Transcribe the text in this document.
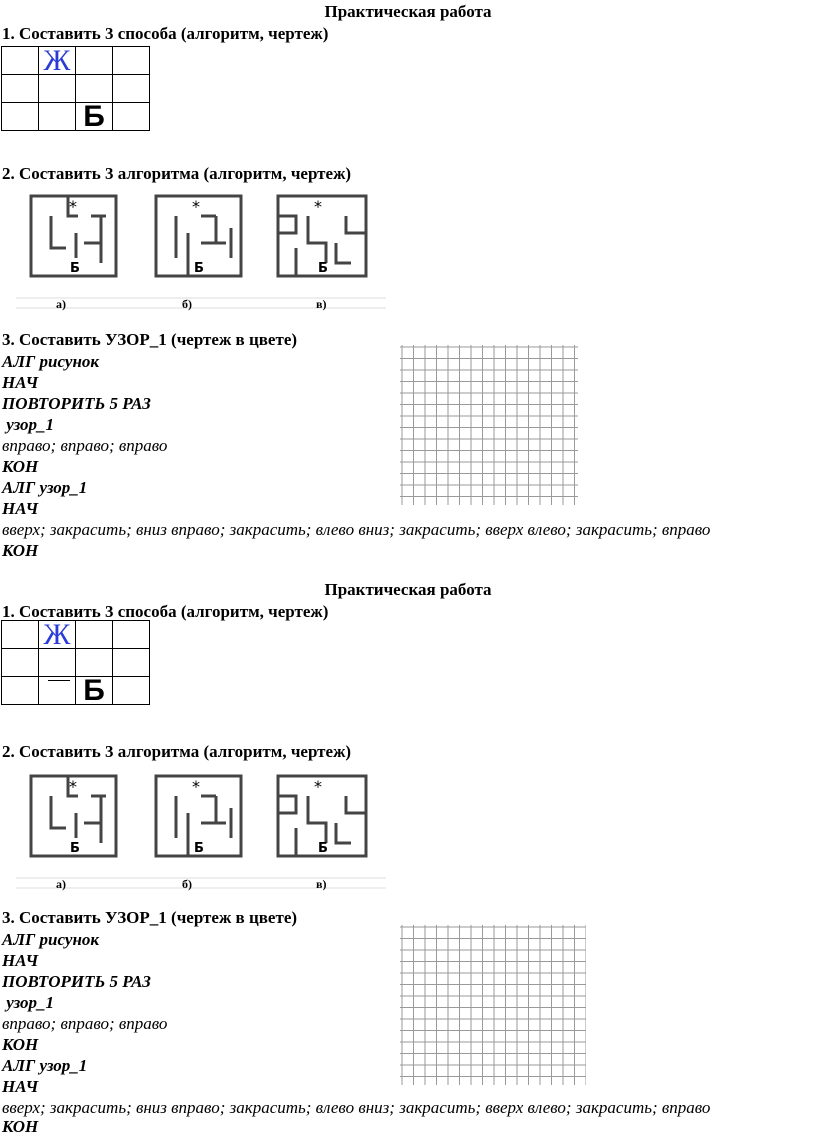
Практическая работа
1. Составить 3 способа (алгоритм, чертеж)
	Ж		

		Б	
2. Составить 3 алгоритма (алгоритм, чертеж)
*
Б
а)
*
Б
б)
*
Б
в)
3. Составить УЗОР_1 (чертеж в цвете)
АЛГ рисунок
НАЧ
ПОВТОРИТЬ 5 РАЗ
узор_1
вправо; вправо; вправо
КОН
АЛГ узор_1
НАЧ
вверх; закрасить; вниз вправо; закрасить; влево вниз; закрасить; вверх влево; закрасить; вправо
КОН
Практическая работа
1. Составить 3 способа (алгоритм, чертеж)
	Ж		

		Б	
2. Составить 3 алгоритма (алгоритм, чертеж)
*
Б
а)
*
Б
б)
*
Б
в)
3. Составить УЗОР_1 (чертеж в цвете)
АЛГ рисунок
НАЧ
ПОВТОРИТЬ 5 РАЗ
узор_1
вправо; вправо; вправо
КОН
АЛГ узор_1
НАЧ
вверх; закрасить; вниз вправо; закрасить; влево вниз; закрасить; вверх влево; закрасить; вправо
КОН
